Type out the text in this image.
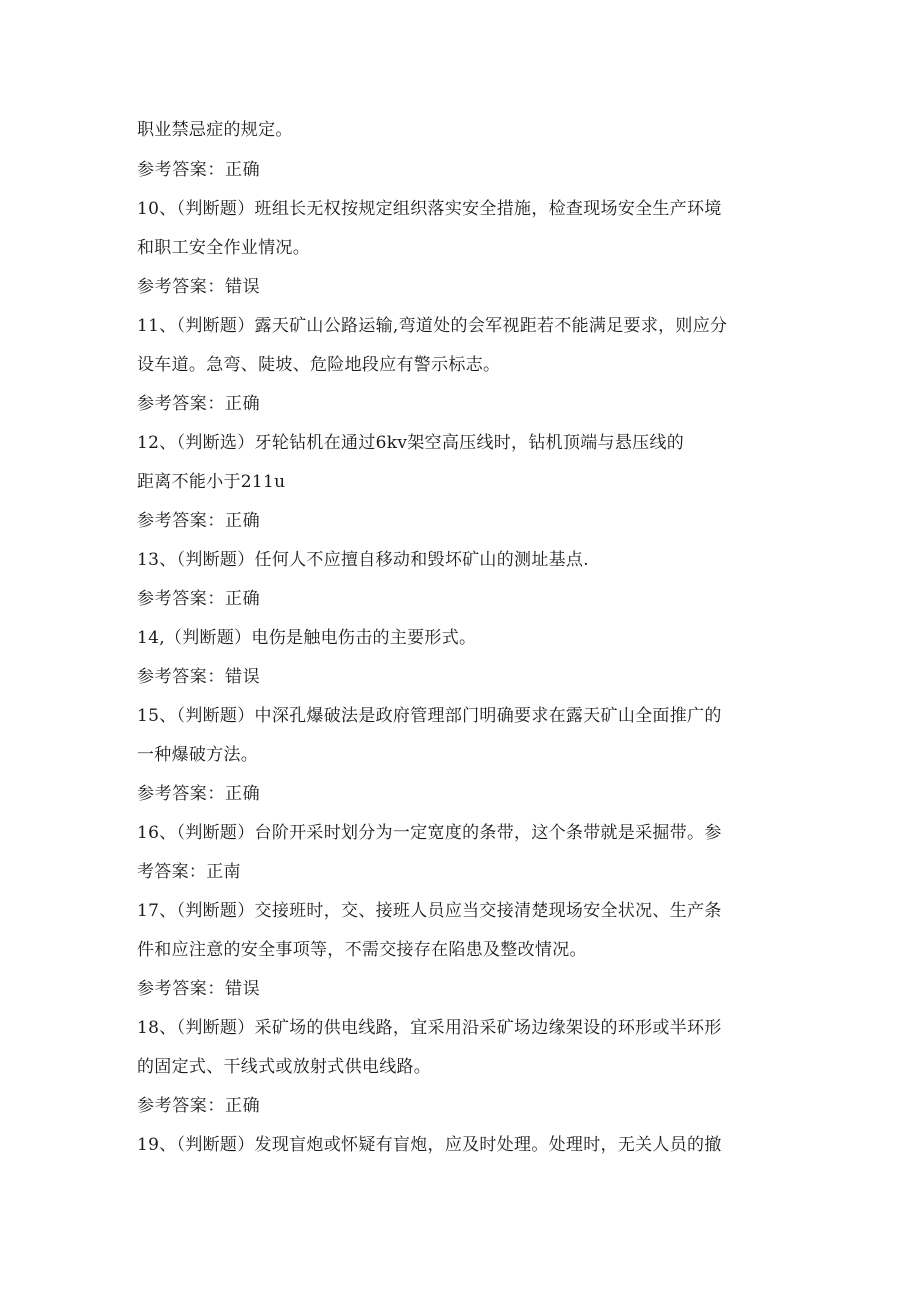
职业禁忌症的规定。
参考答案：正确
10、（判断题）班组长无权按规定组织落实安全措施，检查现场安全生产环境
和职工安全作业情况。
参考答案：错误
11、（判断题）露天矿山公路运输,弯道处的会军视距若不能满足要求，则应分
设车道。急弯、陡坡、危险地段应有警示标志。
参考答案：正确
12、（判断选）牙轮钻机在通过6kv架空高压线时，钻机顶端与悬压线的
距离不能小于211u
参考答案：正确
13、（判断题）任何人不应擅自移动和毁坏矿山的测址基点.
参考答案：正确
14,（判断题）电伤是触电伤击的主要形式。
参考答案：错误
15、（判断题）中深孔爆破法是政府管理部门明确要求在露天矿山全面推广的
一种爆破方法。
参考答案：正确
16、（判断题）台阶开采时划分为一定宽度的条带，这个条带就是采掘带。参
考答案：正南
17、（判断题）交接班时，交、接班人员应当交接清楚现场安全状况、生产条
件和应注意的安全事项等，不需交接存在陷患及整改情况。
参考答案：错误
18、（判断题）采矿场的供电线路，宜采用沿采矿场边缘架设的环形或半环形
的固定式、干线式或放射式供电线路。
参考答案：正确
19、（判断题）发现盲炮或怀疑有盲炮，应及时处理。处理时，无关人员的撤
